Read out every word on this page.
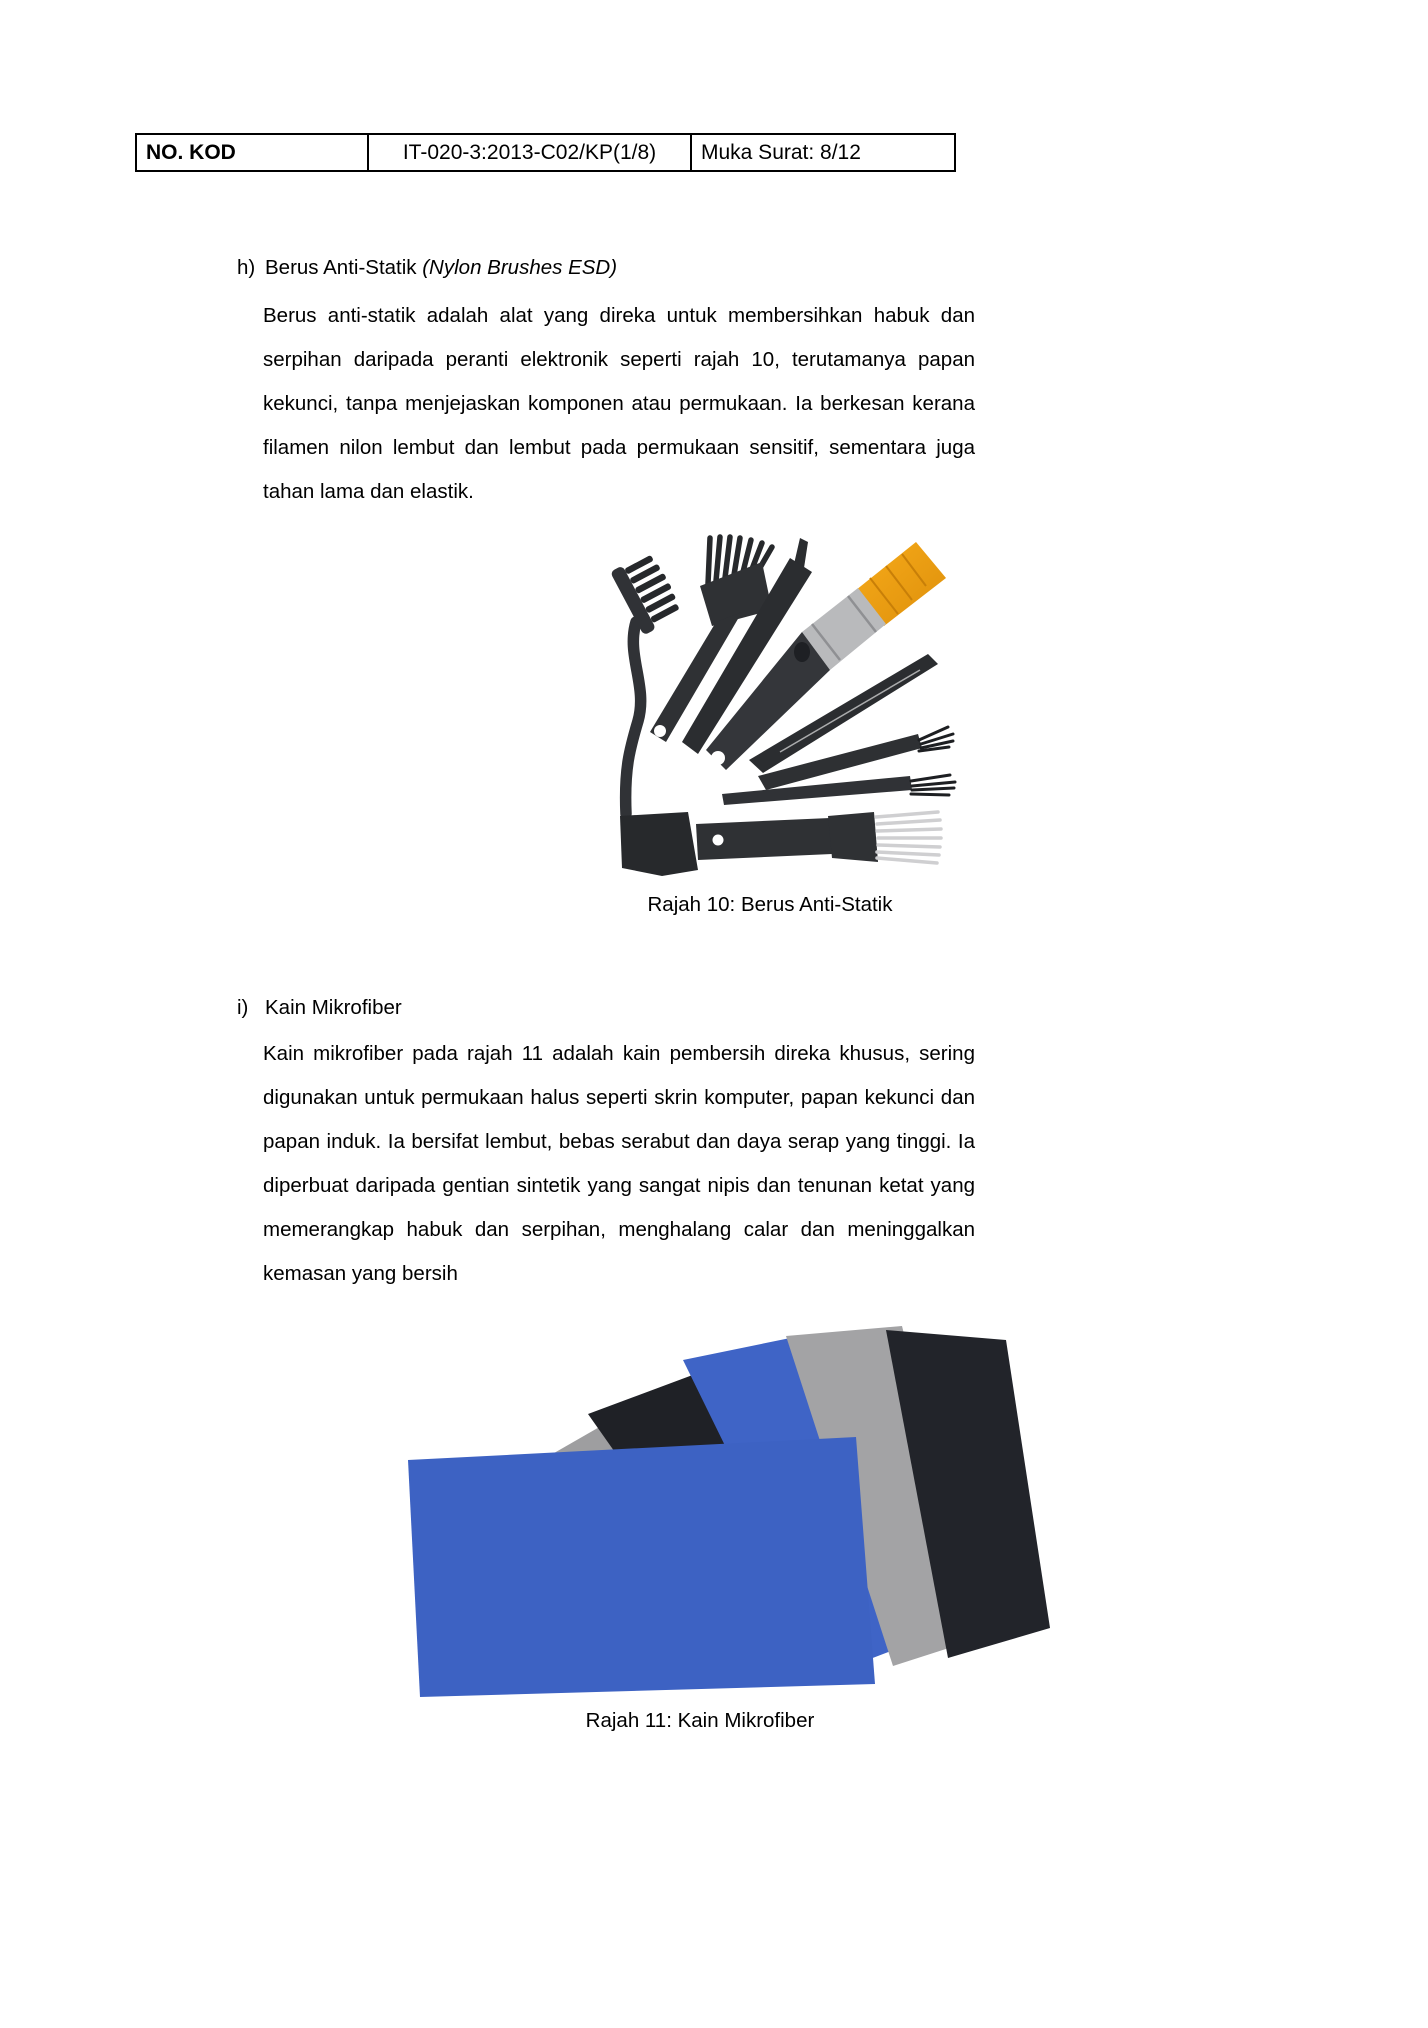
NO. KOD	IT-020-3:2013-C02/KP(1/8) Muka Surat: 8/12
h) Berus Anti-Statik (Nylon Brushes ESD)
Berus anti-statik adalah alat yang direka untuk membersihkan habuk dan
serpihan daripada peranti elektronik seperti rajah 10, terutamanya papan
kekunci, tanpa menjejaskan komponen atau permukaan. Ia berkesan kerana
filamen nilon lembut dan lembut pada permukaan sensitif, sementara juga
tahan lama dan elastik.
Rajah 10: Berus Anti-Statik
i) Kain Mikrofiber
Kain mikrofiber pada rajah 11 adalah kain pembersih direka khusus, sering
digunakan untuk permukaan halus seperti skrin komputer, papan kekunci dan
papan induk. Ia bersifat lembut, bebas serabut dan daya serap yang tinggi. Ia
diperbuat daripada gentian sintetik yang sangat nipis dan tenunan ketat yang
memerangkap habuk dan serpihan, menghalang calar dan meninggalkan
kemasan yang bersih
Rajah 11: Kain Mikrofiber
